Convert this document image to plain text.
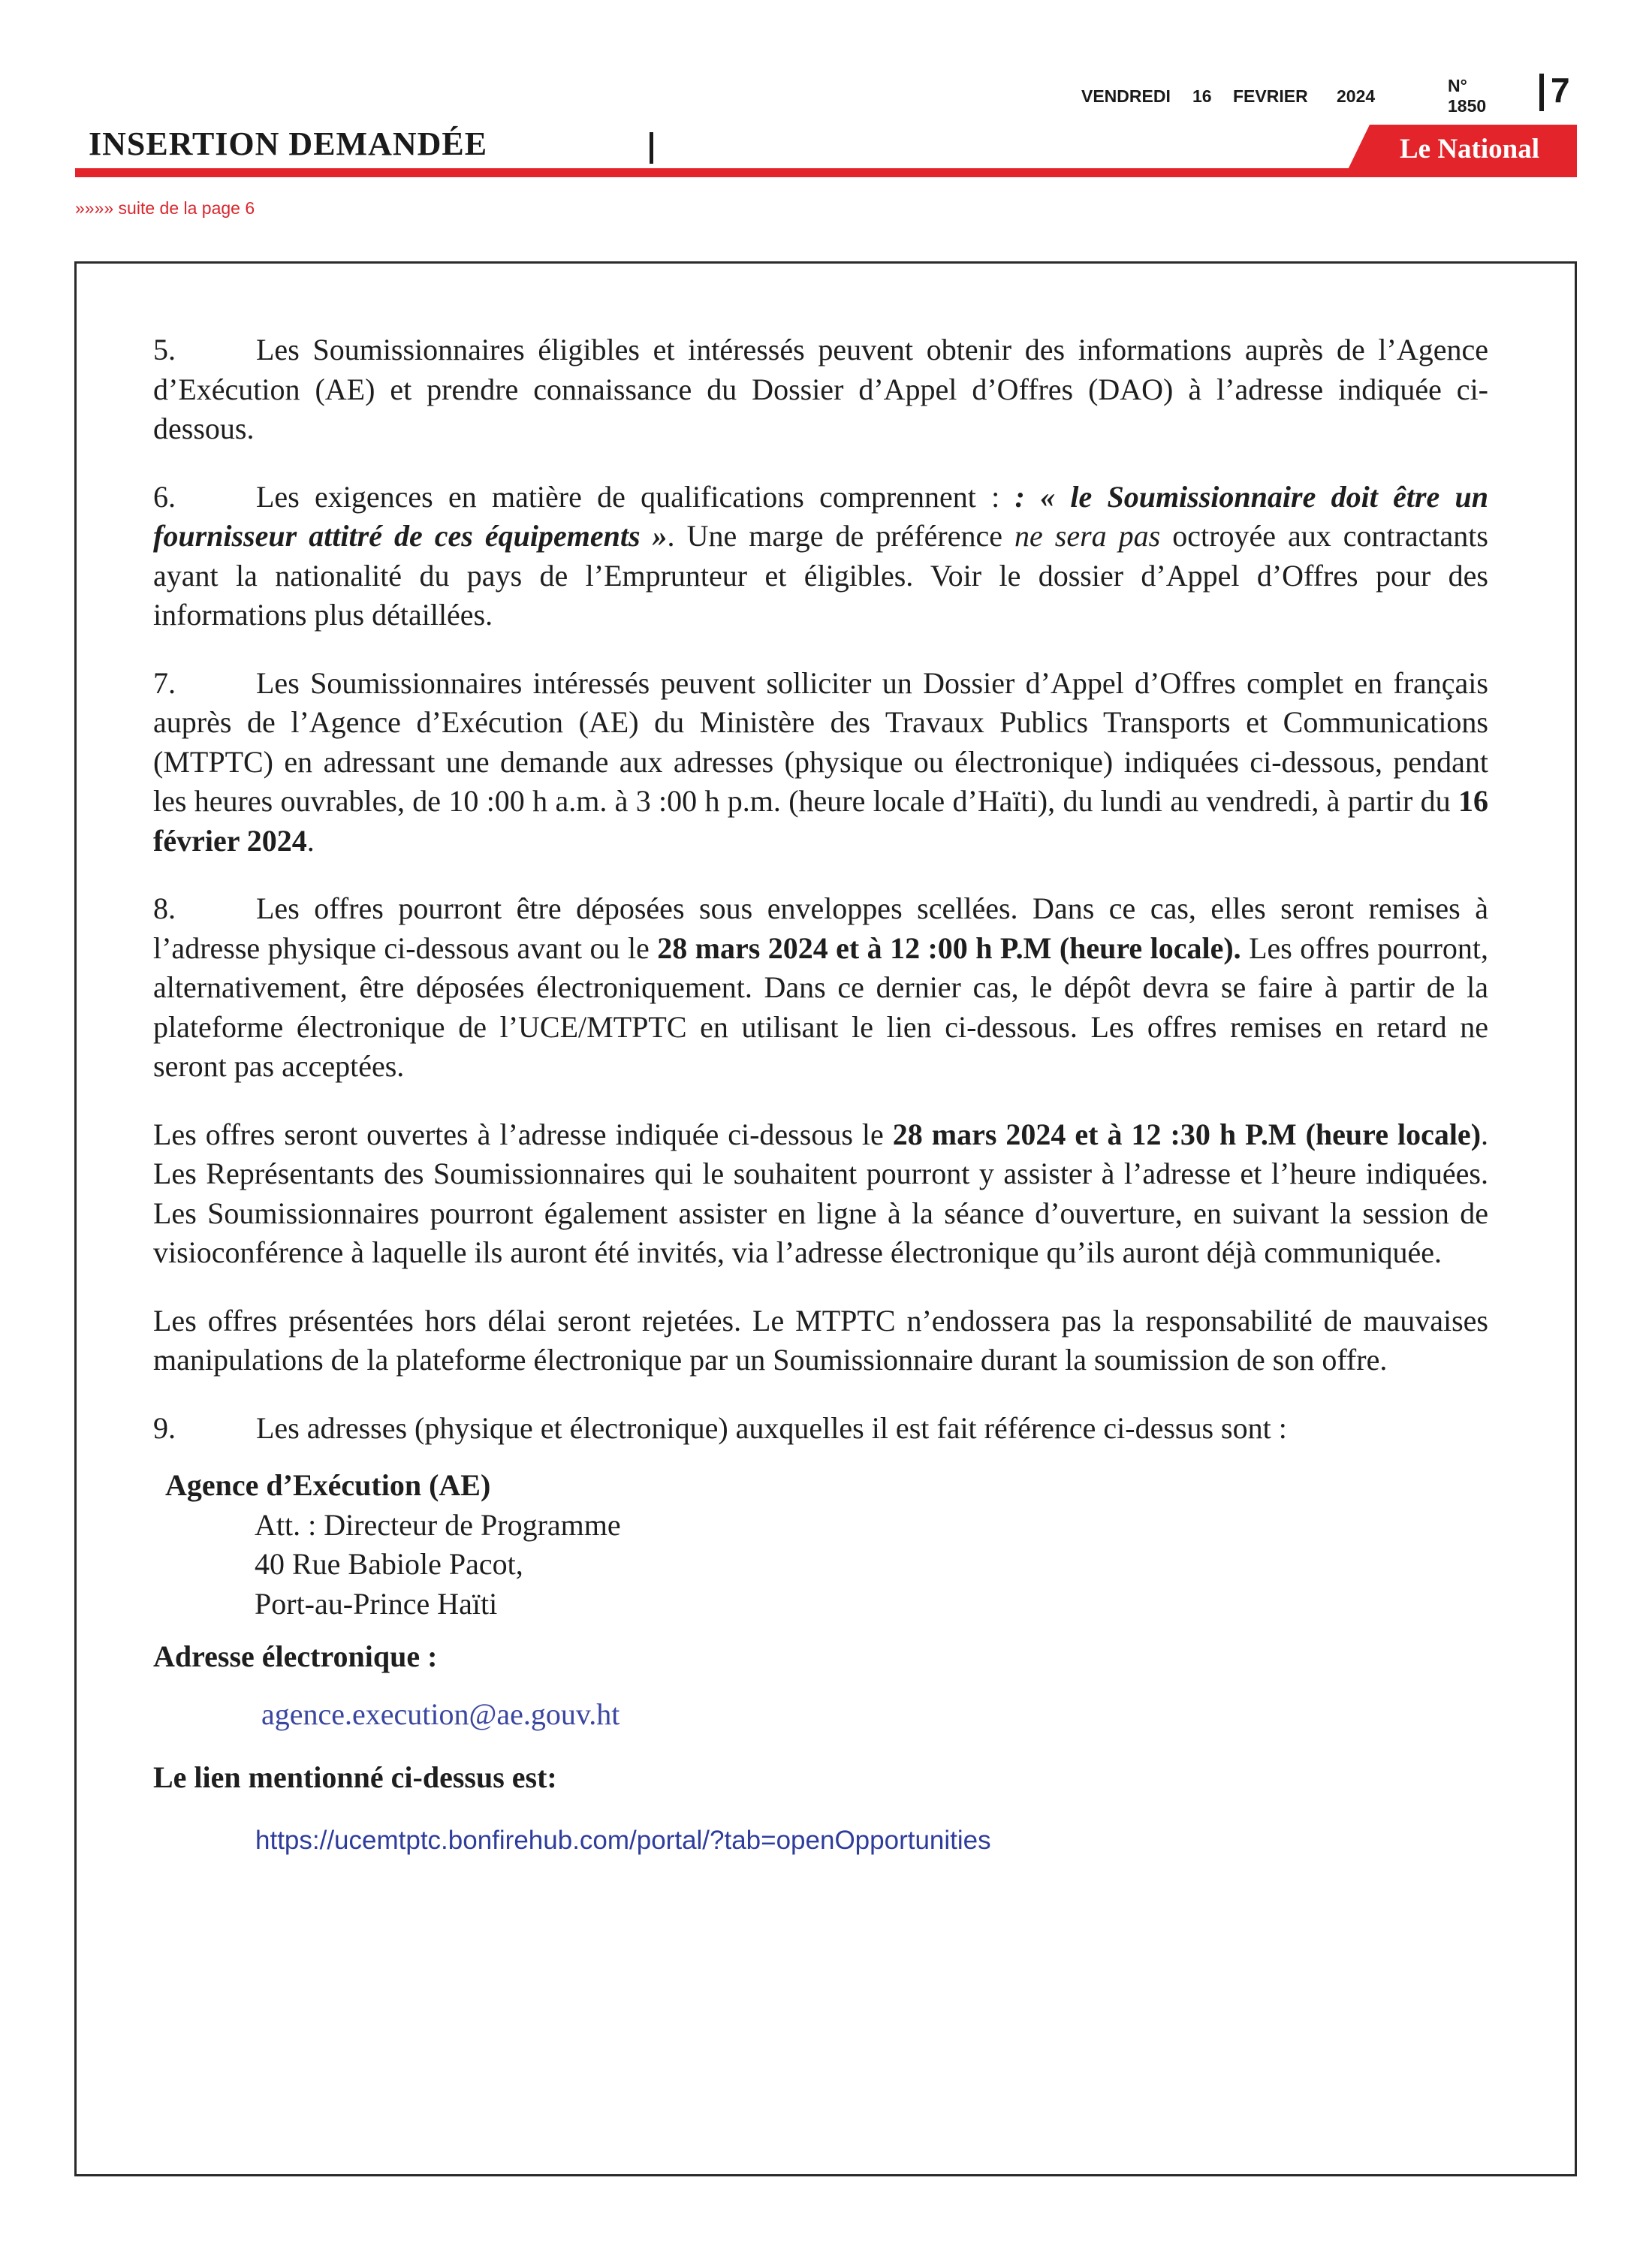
VENDREDI 16 FEVRIER 2024
N° 1850 7
INSERTION DEMANDÉE	Le National
»»»» suite de la page 6

5.	Les Soumissionnaires éligibles et intéressés peuvent obtenir des informations auprès de l’Agence d’Exécution (AE) et prendre connaissance du Dossier d’Appel d’Offres (DAO) à l’adresse indiquée ci-dessous.

6.	Les exigences en matière de qualifications comprennent : : « le Soumissionnaire doit être un fournisseur attitré de ces équipements ». Une marge de préférence ne sera pas octroyée aux contractants ayant la nationalité du pays de l’Emprunteur et éligibles. Voir le dossier d’Appel d’Offres pour des informations plus détaillées.

7.	Les Soumissionnaires intéressés peuvent solliciter un Dossier d’Appel d’Offres complet en français auprès de l’Agence d’Exécution (AE) du Ministère des Travaux Publics Transports et Communications (MTPTC) en adressant une demande aux adresses (physique ou électronique) indiquées ci-dessous, pendant les heures ouvrables, de 10 :00 h a.m. à 3 :00 h p.m. (heure locale d’Haïti), du lundi au vendredi, à partir du 16 février 2024.

8.	Les offres pourront être déposées sous enveloppes scellées. Dans ce cas, elles seront remises à l’adresse physique ci-dessous avant ou le 28 mars 2024 et à 12 :00 h P.M (heure locale). Les offres pourront, alternativement, être déposées électroniquement. Dans ce dernier cas, le dépôt devra se faire à partir de la plateforme électronique de l’UCE/MTPTC en utilisant le lien ci-dessous. Les offres remises en retard ne seront pas acceptées.

Les offres seront ouvertes à l’adresse indiquée ci-dessous le 28 mars 2024 et à 12 :30 h P.M (heure locale). Les Représentants des Soumissionnaires qui le souhaitent pourront y assister à l’adresse et l’heure indiquées. Les Soumissionnaires pourront également assister en ligne à la séance d’ouverture, en suivant la session de visioconférence à laquelle ils auront été invités, via l’adresse électronique qu’ils auront déjà communiquée.

Les offres présentées hors délai seront rejetées. Le MTPTC n’endossera pas la responsabilité de mauvaises manipulations de la plateforme électronique par un Soumissionnaire durant la soumission de son offre.

9.	Les adresses (physique et électronique) auxquelles il est fait référence ci-dessus sont :

Agence d’Exécution (AE)
Att. : Directeur de Programme
40 Rue Babiole Pacot,
Port-au-Prince Haïti
Adresse électronique :
agence.execution@ae.gouv.ht
Le lien mentionné ci-dessus est:
https://ucemtptc.bonfirehub.com/portal/?tab=openOpportunities
